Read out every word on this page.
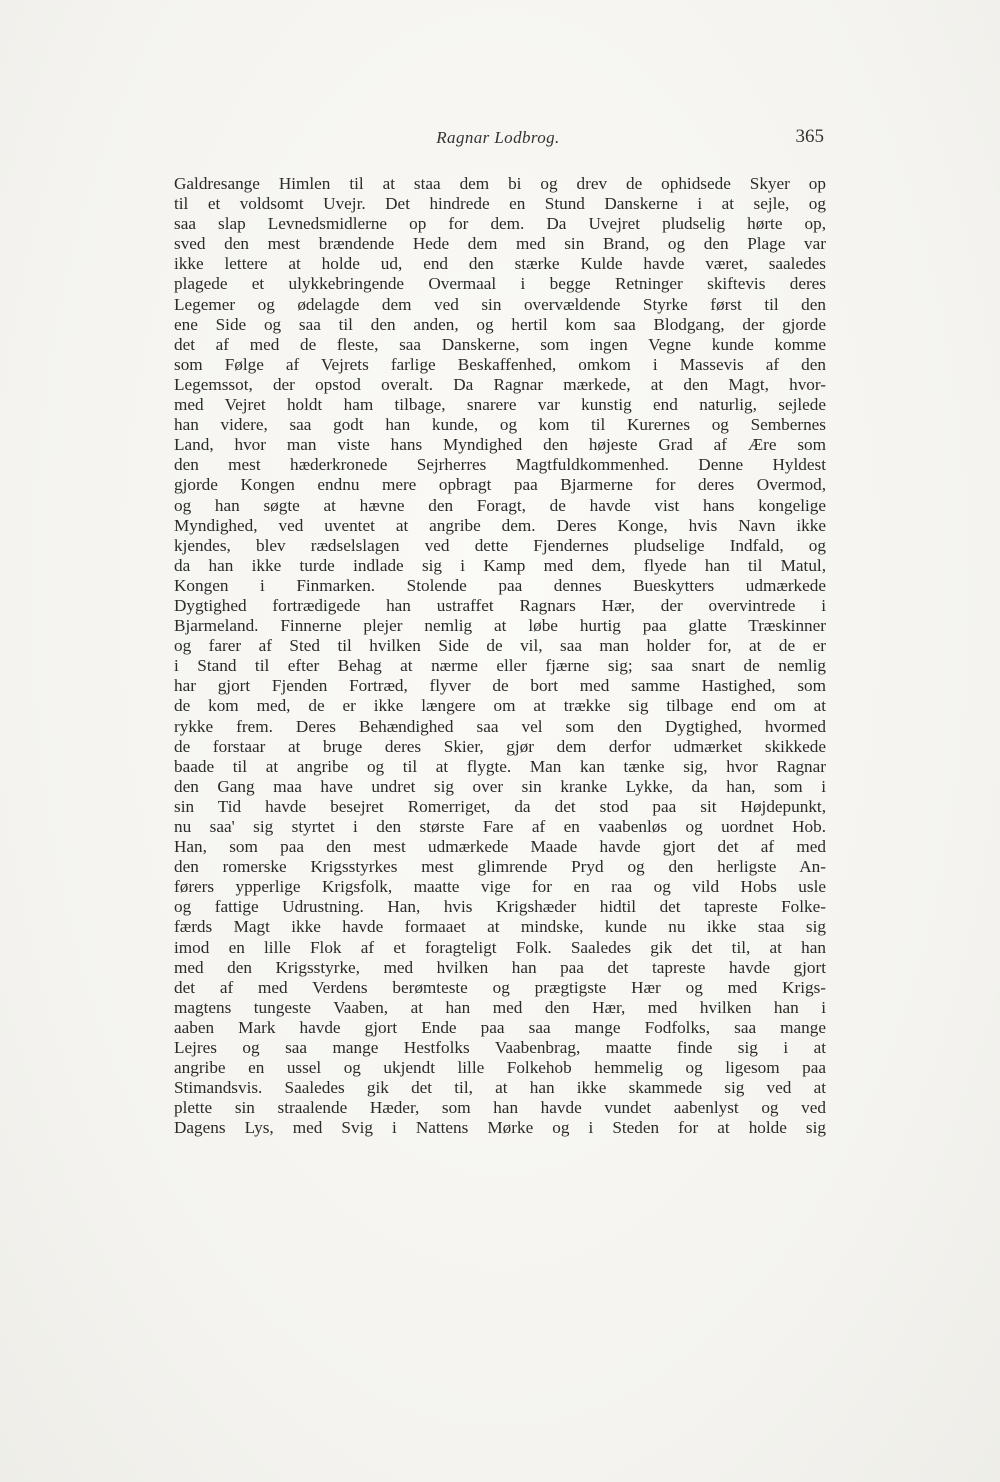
Ragnar Lodbrog.	365
Galdresange Himlen til at staa dem bi og drev de ophidsede Skyer op
til et voldsomt Uvejr. Det hindrede en Stund Danskerne i at sejle, og
saa slap Levnedsmidlerne op for dem. Da Uvejret pludselig hørte op,
sved den mest brændende Hede dem med sin Brand, og den Plage var
ikke lettere at holde ud, end den stærke Kulde havde været, saaledes
plagede et ulykkebringende Overmaal i begge Retninger skiftevis deres
Legemer og ødelagde dem ved sin overvældende Styrke først til den
ene Side og saa til den anden, og hertil kom saa Blodgang, der gjorde
det af med de fleste, saa Danskerne, som ingen Vegne kunde komme
som Følge af Vejrets farlige Beskaffenhed, omkom i Massevis af den
Legemssot, der opstod overalt. Da Ragnar mærkede, at den Magt, hvor-
med Vejret holdt ham tilbage, snarere var kunstig end naturlig, sejlede
han videre, saa godt han kunde, og kom til Kurernes og Sembernes
Land, hvor man viste hans Myndighed den højeste Grad af Ære som
den mest hæderkronede Sejrherres Magtfuldkommenhed. Denne Hyldest
gjorde Kongen endnu mere opbragt paa Bjarmerne for deres Overmod,
og han søgte at hævne den Foragt, de havde vist hans kongelige
Myndighed, ved uventet at angribe dem. Deres Konge, hvis Navn ikke
kjendes, blev rædselslagen ved dette Fjendernes pludselige Indfald, og
da han ikke turde indlade sig i Kamp med dem, flyede han til Matul,
Kongen i Finmarken. Stolende paa dennes Bueskytters udmærkede
Dygtighed fortrædigede han ustraffet Ragnars Hær, der overvintrede i
Bjarmeland. Finnerne plejer nemlig at løbe hurtig paa glatte Træskinner
og farer af Sted til hvilken Side de vil, saa man holder for, at de er
i Stand til efter Behag at nærme eller fjærne sig; saa snart de nemlig
har gjort Fjenden Fortræd, flyver de bort med samme Hastighed, som
de kom med, de er ikke længere om at trække sig tilbage end om at
rykke frem. Deres Behændighed saa vel som den Dygtighed, hvormed
de forstaar at bruge deres Skier, gjør dem derfor udmærket skikkede
baade til at angribe og til at flygte. Man kan tænke sig, hvor Ragnar
den Gang maa have undret sig over sin kranke Lykke, da han, som i
sin Tid havde besejret Romerriget, da det stod paa sit Højdepunkt,
nu saa' sig styrtet i den største Fare af en vaabenløs og uordnet Hob.
Han, som paa den mest udmærkede Maade havde gjort det af med
den romerske Krigsstyrkes mest glimrende Pryd og den herligste An-
førers ypperlige Krigsfolk, maatte vige for en raa og vild Hobs usle
og fattige Udrustning. Han, hvis Krigshæder hidtil det tapreste Folke-
færds Magt ikke havde formaaet at mindske, kunde nu ikke staa sig
imod en lille Flok af et foragteligt Folk. Saaledes gik det til, at han
med den Krigsstyrke, med hvilken han paa det tapreste havde gjort
det af med Verdens berømteste og prægtigste Hær og med Krigs-
magtens tungeste Vaaben, at han med den Hær, med hvilken han i
aaben Mark havde gjort Ende paa saa mange Fodfolks, saa mange
Lejres og saa mange Hestfolks Vaabenbrag, maatte finde sig i at
angribe en ussel og ukjendt lille Folkehob hemmelig og ligesom paa
Stimandsvis. Saaledes gik det til, at han ikke skammede sig ved at
plette sin straalende Hæder, som han havde vundet aabenlyst og ved
Dagens Lys, med Svig i Nattens Mørke og i Steden for at holde sig
